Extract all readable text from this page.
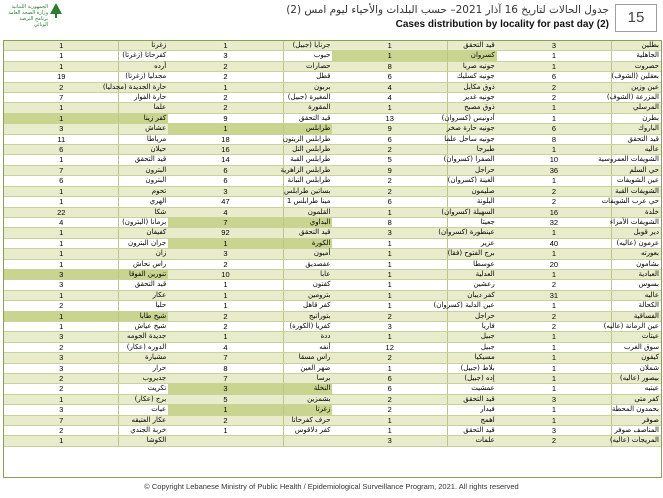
الجمهورية اللبنانية
وزارة الصحة العامة
برنامج الترصد الوبائي
جدول الحالات لتاريخ 16 آذار 2021– حسب البلدات والأحياء ليوم امس (2)
Cases distribution by locality for past day (2)	15
1	زغرتا	1	جرنايا (جبيل)	1	قيد التحقق	3	بطلين
1	كفرحاتا (زغرتا)	3	حبوب	1	كسروان	1	الجاهلية
1	أرده	2	حصارات	8	جونيه صربا	1	حصروت
19	مجدليا (زغرتا)	2	قطل	6	جونيه كسليك	6	بعقلين (الشوف)
2	حارة الجديدة (مجدليا)	1	بربون	4	ذوق مكايل	2	عين وزين
7	حارة الفوار	2	المغيرة (جبيل)	4	جونيه غدير	2	المزرعة (الشوف)
1	علما	2	المقورة	1	ذوق مصبح	1	المرسلي
1	كفر زينا	9	قيد التحقق	13	أدونيس (كسروان)	1	بطرن
3	عشاش	1	طرابلس	9	جونيه حارة صخر	6	الباروك
11	مرياطا	18	طرابلس الزيتون	6	جونيه ساحل علما	8	قيد التحقق
6	حيلان	16	طرابلس التل	2	طبرجا	1	عاليه
1	قيد التحقق	14	طرابلس القبة	5	الصفرا (كسروان)	10	الشويفات العمروسية
7	البترون	6	طرابلس الزاهرية	9	حراجل	36	حي السلم
6	البترون	6	طرابلس التبانة	2	الغينة (كسروان)	1	عين الشويفات
1	تحوم	3	بساتين طرابلس	2	صليمون	2	الشويفات القبة
1	الهري	47	مينا طرابلس 1	6	البلونة	2	حي عرب الشويفات
22	شكا	4	القلمون	1	السهيلة (كسروان)	16	خلدة
4	برمانا (البترون)	7	البداوي	8	جعيتا	32	الشويفات الأمراء
1	كفيفان	92	قيد التحقق	3	عينطورة (كسروان)	1	دير قوبل
1	جران البترون	1	الكورة	1	عزير	40	عرمون (عاليه)
1	زان	3	أميون	1	برج الفتوح (فقا)	1	بعورته
1	راس نحاش	2	عفصديق	1	عوسطا	20	بشامون
3	تنورين الفوقا	10	عابا	1	العدلية	1	العبادية
3	قيد التحقق	1	كفتون	1	رعشين	2	بسوس
1	عكار	1	بترومين	1	كفر ديبان	31	عاليه
2	حلبا	1	كفر قاهل	1	عين الدلبة (كسروان)	1	الكحالة
1	شيخ طابا	2	بتوراتيج	2	حراجل	2	الفساقية
1	شيخ عياش	2	كفريا (الكورة)	3	فاريا	2	عين الرمانة (عاليه)
3	جديدة الجومه	1	ددة	1	جبيل	1	عيتات
2	الدوره (عكار)	4	أنفه	12	جبيل	1	سوق الغرب
3	مشيارة	7	راس مسقا	2	مسيكيا	1	كيفون
3	حرار	8	ضهر العين	1	بلاط (جبيل)	1	شملان
2	جديروب	7	برسا	6	إده (جبيل)	1	بيصور (عاليه)
2	تكريت	3	النخلة	6	عمشيت	1	عيتيه
1	برج (عكار)	5	بشمزين	2	قيد التحقق	3	كفر متى
3	عيات	1	زغرتا	2	فيدار	1	بحمدون المحطة
7	عكار العتيقه	2	حرف كفرحاتا	1	اهمج	1	صوفر
2	خربة الجندي	1	كفر دلاقوس	1	قيد التحقق	3	المناصف صوفر
1	الكوشا			3	علمات	2	المريجات (عاليه)
© Copyright Lebanese Ministry of Public Health / Epidemiological Surveillance Program, 2021. All rights reserved
